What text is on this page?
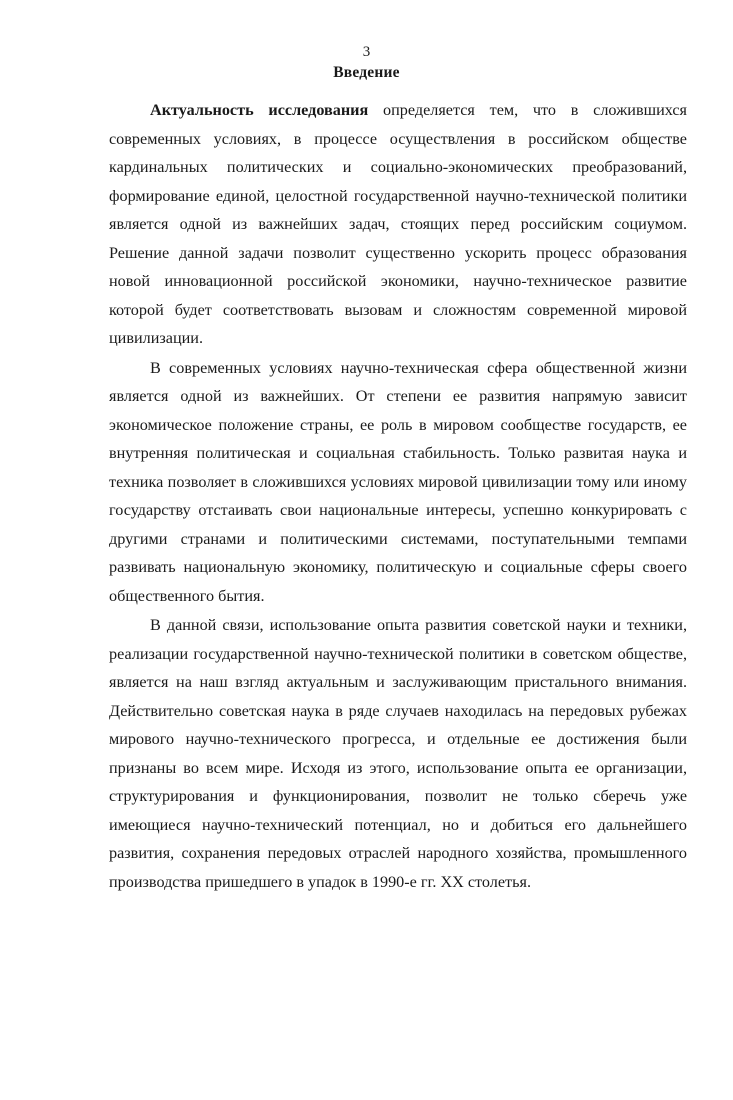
3

Введение

Актуальность исследования определяется тем, что в сложившихся современных условиях, в процессе осуществления в российском обществе кардинальных политических и социально-экономических преобразований, формирование единой, целостной государственной научно-технической политики является одной из важнейших задач, стоящих перед российским социумом. Решение данной задачи позволит существенно ускорить процесс образования новой инновационной российской экономики, научно-техническое развитие которой будет соответствовать вызовам и сложностям современной мировой цивилизации.

В современных условиях научно-техническая сфера общественной жизни является одной из важнейших. От степени ее развития напрямую зависит экономическое положение страны, ее роль в мировом сообществе государств, ее внутренняя политическая и социальная стабильность. Только развитая наука и техника позволяет в сложившихся условиях мировой цивилизации тому или иному государству отстаивать свои национальные интересы, успешно конкурировать с другими странами и политическими системами, поступательными темпами развивать национальную экономику, политическую и социальные сферы своего общественного бытия.

В данной связи, использование опыта развития советской науки и техники, реализации государственной научно-технической политики в советском обществе, является на наш взгляд актуальным и заслуживающим пристального внимания. Действительно советская наука в ряде случаев находилась на передовых рубежах мирового научно-технического прогресса, и отдельные ее достижения были признаны во всем мире. Исходя из этого, использование опыта ее организации, структурирования и функционирования, позволит не только сберечь уже имеющиеся научно-технический потенциал, но и добиться его дальнейшего развития, сохранения передовых отраслей народного хозяйства, промышленного производства пришедшего в упадок в 1990-е гг. XX столетья.
